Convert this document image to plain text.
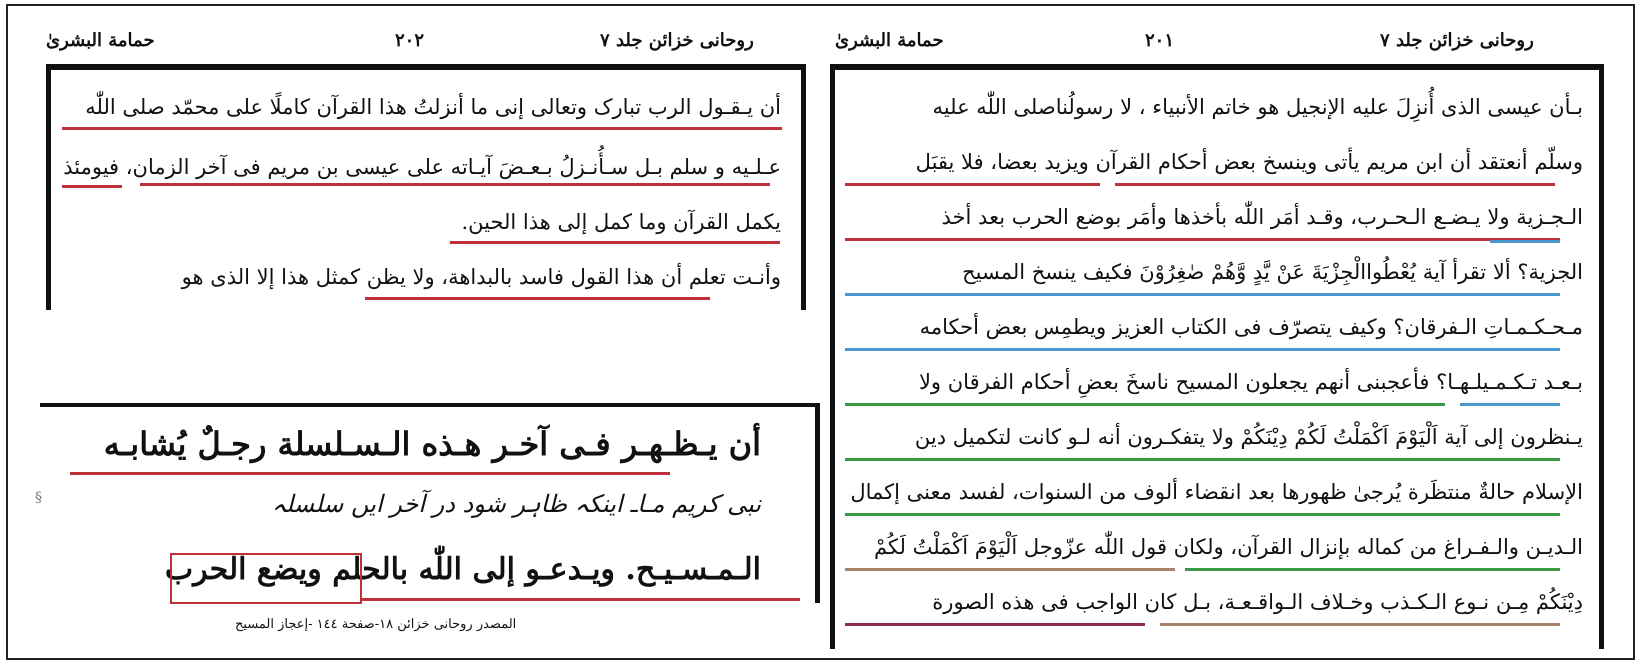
روحانی خزائن جلد ۷
۲۰۱
حمامة البشریٰ
روحانی خزائن جلد ۷
۲۰۲
حمامة البشریٰ
بـأن عيسى الذى أُنزِلَ عليه الإنجيل هو خاتم الأنبياء ، لا رسولُناصلى اللّٰه عليه
وسلّم أنعتقد أن ابن مريم يأتی وينسخ بعض أحكام القرآن ويزيد بعضا، فلا يقبَل
الـجـزية ولا يـضـع الـحـرب، وقـد أمَر اللّٰه بأخذها وأمَر بوضع الحرب بعد أخذ
الجزية؟ ألا تقرأ آية يُعْطُواالْجِزْيَةَ عَنْ يَّدٍ وَّهُمْ صٰغِرُوْنَ فكيف ينسخ المسيح
مـحـكـمـاتِ الـفرقان؟ وكيف يتصرّف فی الكتاب العزيز ويطمِس بعض أحكامه
بـعـد تـكـمـيلـهـا؟ فأعجبنی أنهم يجعلون المسيح ناسخَ بعضِ أحكام الفرقان ولا
يـنظرون إلى آية اَلْيَوْمَ اَكْمَلْتُ لَكُمْ دِيْنَكُمْ ولا يتفكـرون أنه لـو كانت لتكميل دين
الإسلام حالةٌ منتظَرة يُرجىٰ ظهورها بعد انقضاء ألوف من السنوات، لفسد معنى إكمال
الـديـن والـفـراغ من كماله بإنزال القرآن، ولكان قول اللّٰه عزّوجل اَلْيَوْمَ اَكْمَلْتُ لَكُمْ
دِيْنَكُمْ مِـن نـوع الـكـذب وخـلاف الـواقـعـة، بـل كان الواجب فی هذه الصورة
أن يـقـول الرب تبارک وتعالى إنی ما أنزلتُ هذا القرآن كاملًا على محمّد صلى اللّٰه
عـلـيه و سلم بـل سـأُنـزلُ بـعـضَ آيـاته على عيسى بن مريم فی آخر الزمان، فيومئذ
يكمل القرآن وما كمل إلى هذا الحين.
وأنـت تعلم أن هذا القول فاسد بالبداهة، ولا يظن كمثل هذا إلا الذى هو
أن يـظـهـر فـی آخـر هـذه الـسـلسلة رجـلٌ يُشابـه
نبی کریم مـاـ اینکہ ظاہر شود در آخر ایں سلسلہ
الـمـسـيـح. ويـدعـو إلى اللّٰه بالحلم ويضع الحرب
المصدر روحانی خزائن ١٨-صفحة ١٤٤ -إعجاز المسيح
§
